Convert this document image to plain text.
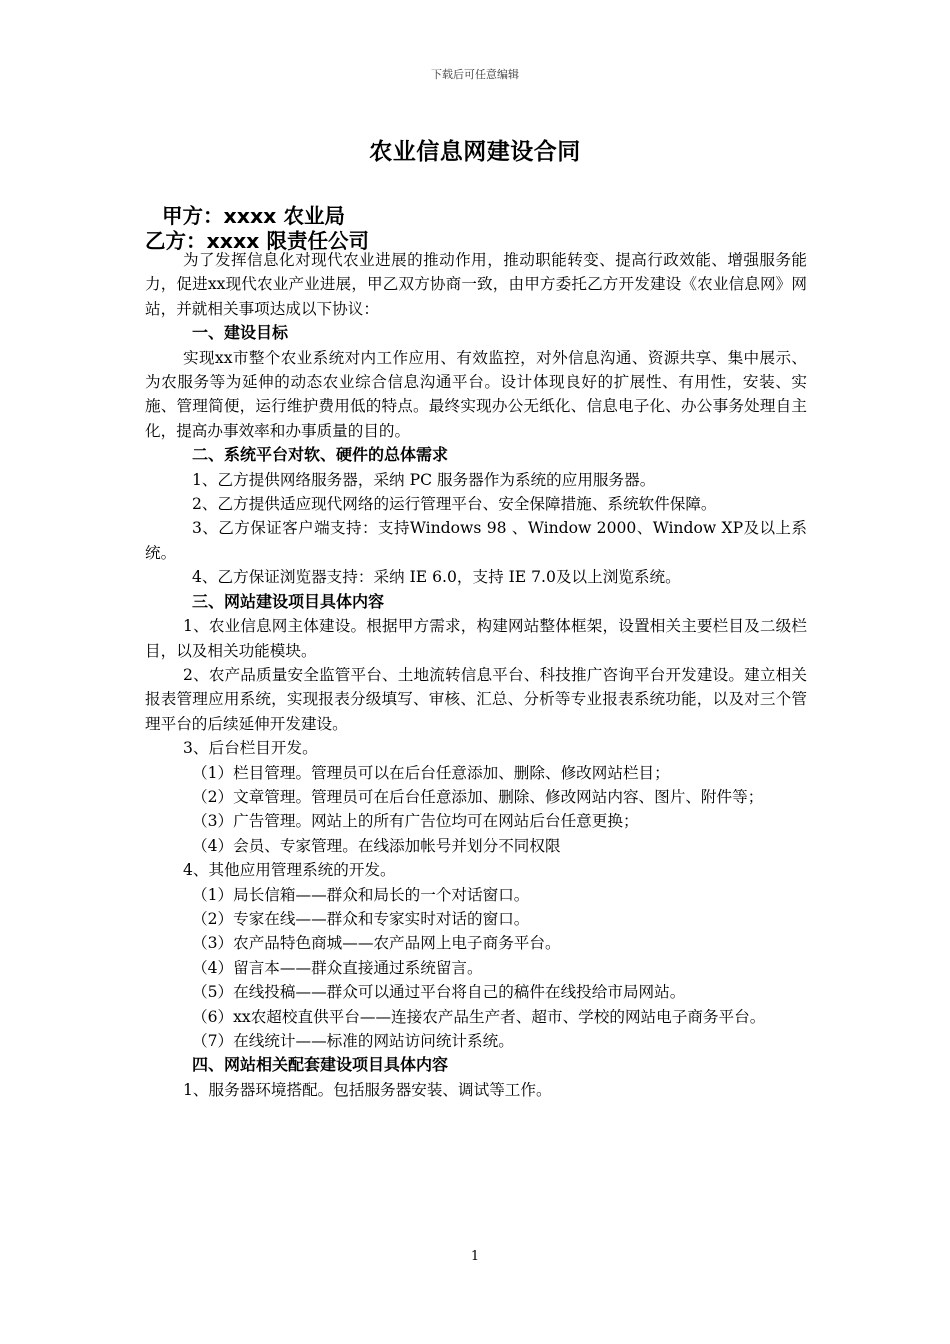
下载后可任意编辑
农业信息网建设合同
甲方：xxxx 农业局
乙方：xxxx 限责任公司

为了发挥信息化对现代农业进展的推动作用，推动职能转变、提高行政效能、增强服务能力，促进xx现代农业产业进展，甲乙双方协商一致，由甲方委托乙方开发建设《农业信息网》网站，并就相关事项达成以下协议：

一、建设目标

实现xx市整个农业系统对内工作应用、有效监控，对外信息沟通、资源共享、集中展示、为农服务等为延伸的动态农业综合信息沟通平台。设计体现良好的扩展性、有用性，安装、实施、管理简便，运行维护费用低的特点。最终实现办公无纸化、信息电子化、办公事务处理自主化，提高办事效率和办事质量的目的。

二、系统平台对软、硬件的总体需求

1、乙方提供网络服务器，采纳 PC 服务器作为系统的应用服务器。

2、乙方提供适应现代网络的运行管理平台、安全保障措施、系统软件保障。

3、乙方保证客户端支持：支持Windows 98 、Window 2000、Window XP及以上系统。

4、乙方保证浏览器支持：采纳 IE 6.0，支持 IE 7.0及以上浏览系统。

三、网站建设项目具体内容

1、农业信息网主体建设。根据甲方需求，构建网站整体框架，设置相关主要栏目及二级栏目，以及相关功能模块。

2、农产品质量安全监管平台、土地流转信息平台、科技推广咨询平台开发建设。建立相关报表管理应用系统，实现报表分级填写、审核、汇总、分析等专业报表系统功能，以及对三个管理平台的后续延伸开发建设。

3、后台栏目开发。

（1）栏目管理。管理员可以在后台任意添加、删除、修改网站栏目；

（2）文章管理。管理员可在后台任意添加、删除、修改网站内容、图片、附件等；

（3）广告管理。网站上的所有广告位均可在网站后台任意更换；

（4）会员、专家管理。在线添加帐号并划分不同权限

4、其他应用管理系统的开发。

（1）局长信箱——群众和局长的一个对话窗口。

（2）专家在线——群众和专家实时对话的窗口。

（3）农产品特色商城——农产品网上电子商务平台。

（4）留言本——群众直接通过系统留言。

（5）在线投稿——群众可以通过平台将自己的稿件在线投给市局网站。

（6）xx农超校直供平台——连接农产品生产者、超市、学校的网站电子商务平台。

（7）在线统计——标准的网站访问统计系统。

四、网站相关配套建设项目具体内容

1、服务器环境搭配。包括服务器安装、调试等工作。

1
